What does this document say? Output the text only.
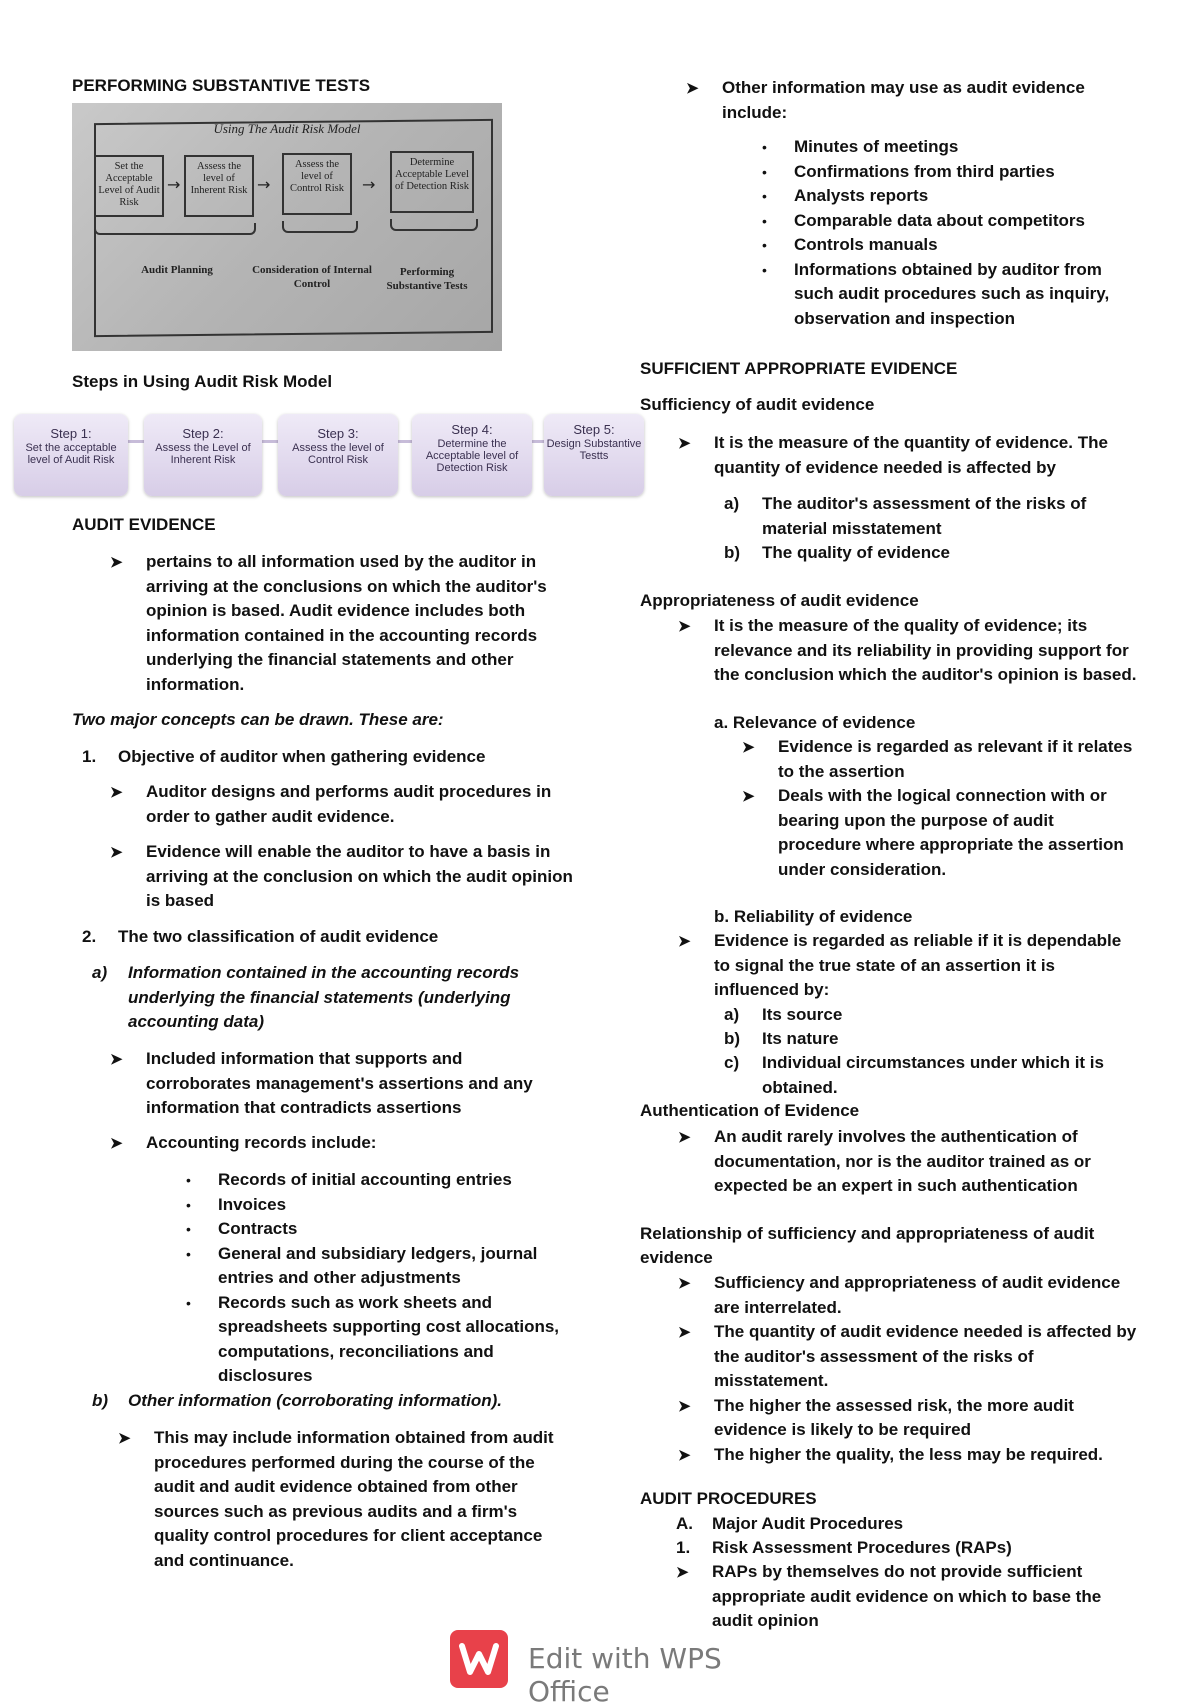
PERFORMING SUBSTANTIVE TESTS
Using The Audit Risk Model
Set the Acceptable Level of Audit Risk
→
Assess the level of Inherent Risk →
Assess the level of Control Risk	→
Determine Acceptable Level of Detection Risk
Audit Planning	Consideration of Internal Control
Performing Substantive Tests
Steps in Using Audit Risk Model
Step 1:
Set the acceptable level of Audit Risk
Step 2:
Assess the Level of Inherent Risk
Step 3:
Assess the level of Control Risk
Step 4:
Determine the Acceptable level of Detection Risk
Step 5:
Design Substantive Testts
AUDIT EVIDENCE
➤ pertains to all information used by the auditor in
arriving at the conclusions on which the auditor's
opinion is based. Audit evidence includes both
information contained in the accounting records
underlying the financial statements and other
information.
Two major concepts can be drawn. These are:
1. Objective of auditor when gathering evidence
➤ Auditor designs and performs audit procedures in
order to gather audit evidence.
➤ Evidence will enable the auditor to have a basis in
arriving at the conclusion on which the audit opinion
is based
2. The two classification of audit evidence
a) Information contained in the accounting records
underlying the financial statements (underlying
accounting data)
➤ Included information that supports and
corroborates management's assertions and any
information that contradicts assertions
➤ Accounting records include:
• Records of initial accounting entries
• Invoices
• Contracts
• General and subsidiary ledgers, journal
entries and other adjustments
• Records such as work sheets and
spreadsheets supporting cost allocations,
computations, reconciliations and
disclosures
b) Other information (corroborating information).
➤ This may include information obtained from audit
procedures performed during the course of the
audit and audit evidence obtained from other
sources such as previous audits and a firm's
quality control procedures for client acceptance
and continuance.
➤ Other information may use as audit evidence
include:
• Minutes of meetings
• Confirmations from third parties
• Analysts reports
• Comparable data about competitors
• Controls manuals
• Informations obtained by auditor from
such audit procedures such as inquiry,
observation and inspection
SUFFICIENT APPROPRIATE EVIDENCE
Sufficiency of audit evidence
➤ It is the measure of the quantity of evidence. The
quantity of evidence needed is affected by
a) The auditor's assessment of the risks of
material misstatement
b) The quality of evidence
Appropriateness of audit evidence
➤ It is the measure of the quality of evidence; its
relevance and its reliability in providing support for
the conclusion which the auditor's opinion is based.
a. Relevance of evidence
➤ Evidence is regarded as relevant if it relates
to the assertion
➤ Deals with the logical connection with or
bearing upon the purpose of audit
procedure where appropriate the assertion
under consideration.
b. Reliability of evidence
➤ Evidence is regarded as reliable if it is dependable
to signal the true state of an assertion it is
influenced by:
a) Its source
b) Its nature
c) Individual circumstances under which it is
obtained.
Authentication of Evidence
➤ An audit rarely involves the authentication of
documentation, nor is the auditor trained as or
expected be an expert in such authentication
Relationship of sufficiency and appropriateness of audit
evidence
➤ Sufficiency and appropriateness of audit evidence
are interrelated.
➤ The quantity of audit evidence needed is affected by
the auditor's assessment of the risks of
misstatement.
➤ The higher the assessed risk, the more audit
evidence is likely to be required
➤ The higher the quality, the less may be required.
AUDIT PROCEDURES
A. Major Audit Procedures
1. Risk Assessment Procedures (RAPs)
➤ RAPs by themselves do not provide sufficient
appropriate audit evidence on which to base the
audit opinion
Edit with WPS Office
